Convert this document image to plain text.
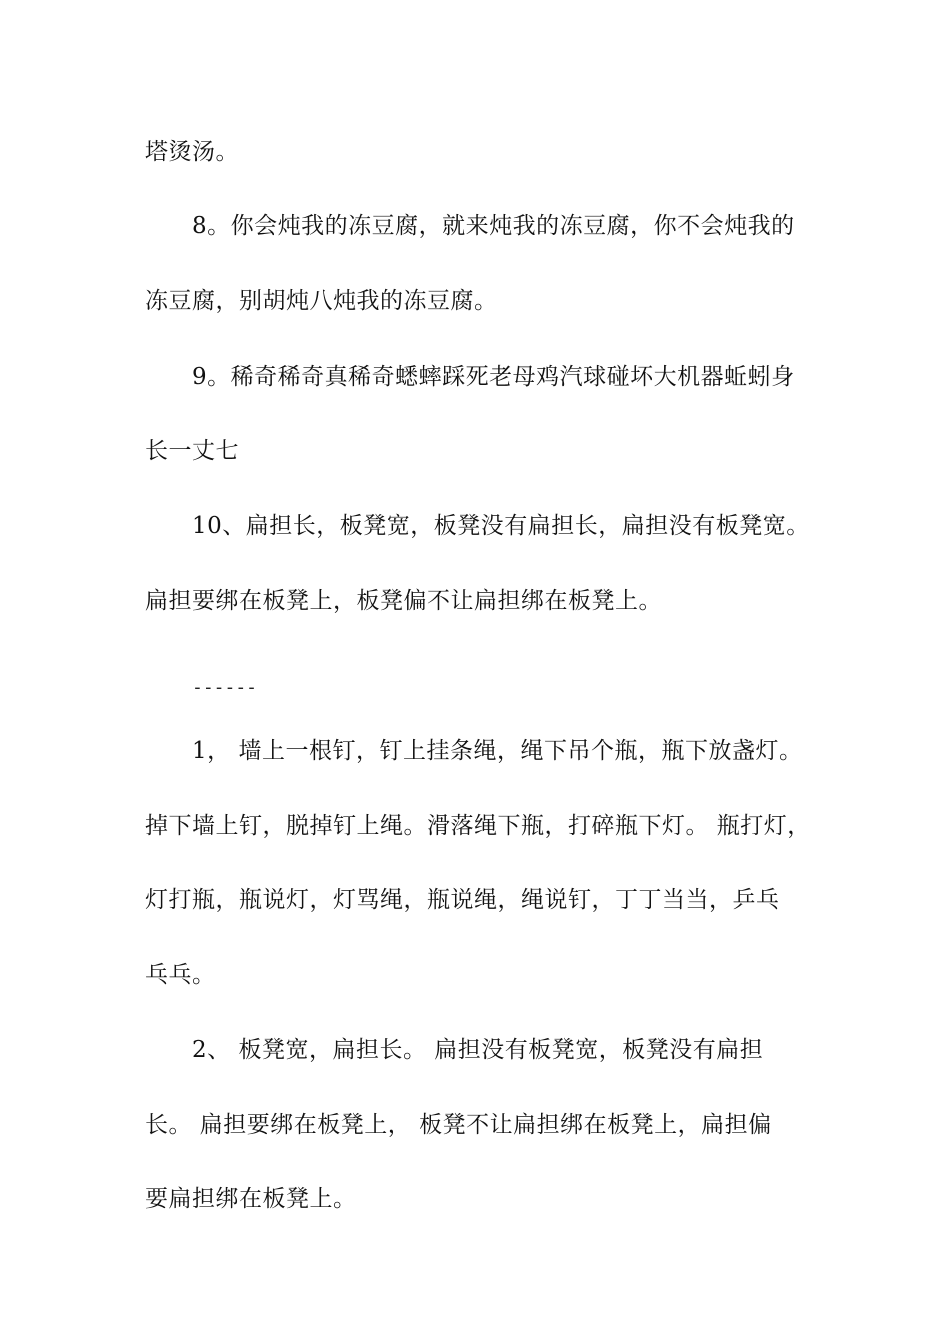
塔烫汤。
8。你会炖我的冻豆腐，就来炖我的冻豆腐，你不会炖我的
冻豆腐，别胡炖八炖我的冻豆腐。
9。稀奇稀奇真稀奇蟋蟀踩死老母鸡汽球碰坏大机器蚯蚓身
长一丈七
10、扁担长，板凳宽，板凳没有扁担长，扁担没有板凳宽。
扁担要绑在板凳上，板凳偏不让扁担绑在板凳上。
------
1， 墙上一根钉，钉上挂条绳，绳下吊个瓶，瓶下放盏灯。
掉下墙上钉，脱掉钉上绳。滑落绳下瓶，打碎瓶下灯。 瓶打灯，
灯打瓶，瓶说灯，灯骂绳，瓶说绳，绳说钉，丁丁当当，乒乓
乓乓。
2、 板凳宽，扁担长。 扁担没有板凳宽，板凳没有扁担
长。 扁担要绑在板凳上， 板凳不让扁担绑在板凳上，扁担偏
要扁担绑在板凳上。
